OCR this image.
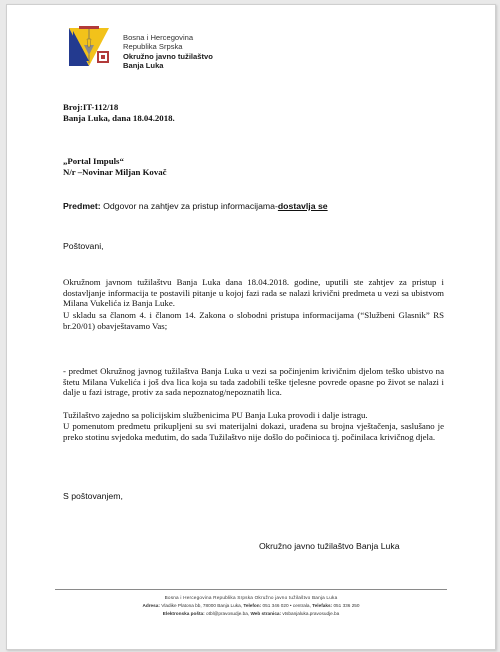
Bosna i Hercegovina
Republika Srpska
Okružno javno tužilaštvo
Banja Luka
Broj:IT-112/18
Banja Luka, dana 18.04.2018.
„Portal Impuls“
N/r –Novinar Miljan Kovač
Predmet: Odgovor na zahtjev za pristup informacijama-dostavlja se
Poštovani,
Okružnom javnom tužilaštvu Banja Luka dana 18.04.2018. godine, uputili ste zahtjev za pristup i dostavljanje informacija te postavili pitanje u kojoj fazi rada se nalazi krivični predmeta u vezi sa ubistvom Milana Vukelića iz Banja Luke.
U skladu sa članom 4. i članom 14. Zakona o slobodni pristupa informacijama (“Službeni Glasnik” RS br.20/01) obavještavamo Vas;
- predmet Okružnog javnog tužilaštva Banja Luka u vezi sa počinjenim krivičnim djelom teško ubistvo na štetu Milana Vukelića i još dva lica koja su tada zadobili teške tjelesne povrede opasne po život se nalazi i dalje u fazi istrage, protiv za sada nepoznatog/nepoznatih lica.
Tužilaštvo zajedno sa policijskim službenicima PU Banja Luka provodi i dalje istragu.
U pomenutom predmetu prikupljeni su svi materijalni dokazi, urađena su brojna vještačenja, saslušano je preko stotinu svjedoka međutim, do sada Tužilaštvo nije došlo do počinioca tj. počinilaca krivičnog djela.
S poštovanjem,
Okružno javno tužilaštvo Banja Luka
Bosna i Hercegovina Republika Srpska Okružno javno tužilaštvo Banja Luka
Adresa: Vladike Platona bb, 78000 Banja Luka, Telefon: 051 346 020 • centrala, Telefaks: 051 336 250
Elektronska pošta: otbl@pravosudje.ba, Web stranica: vtsbanjaluka.pravosudje.ba
